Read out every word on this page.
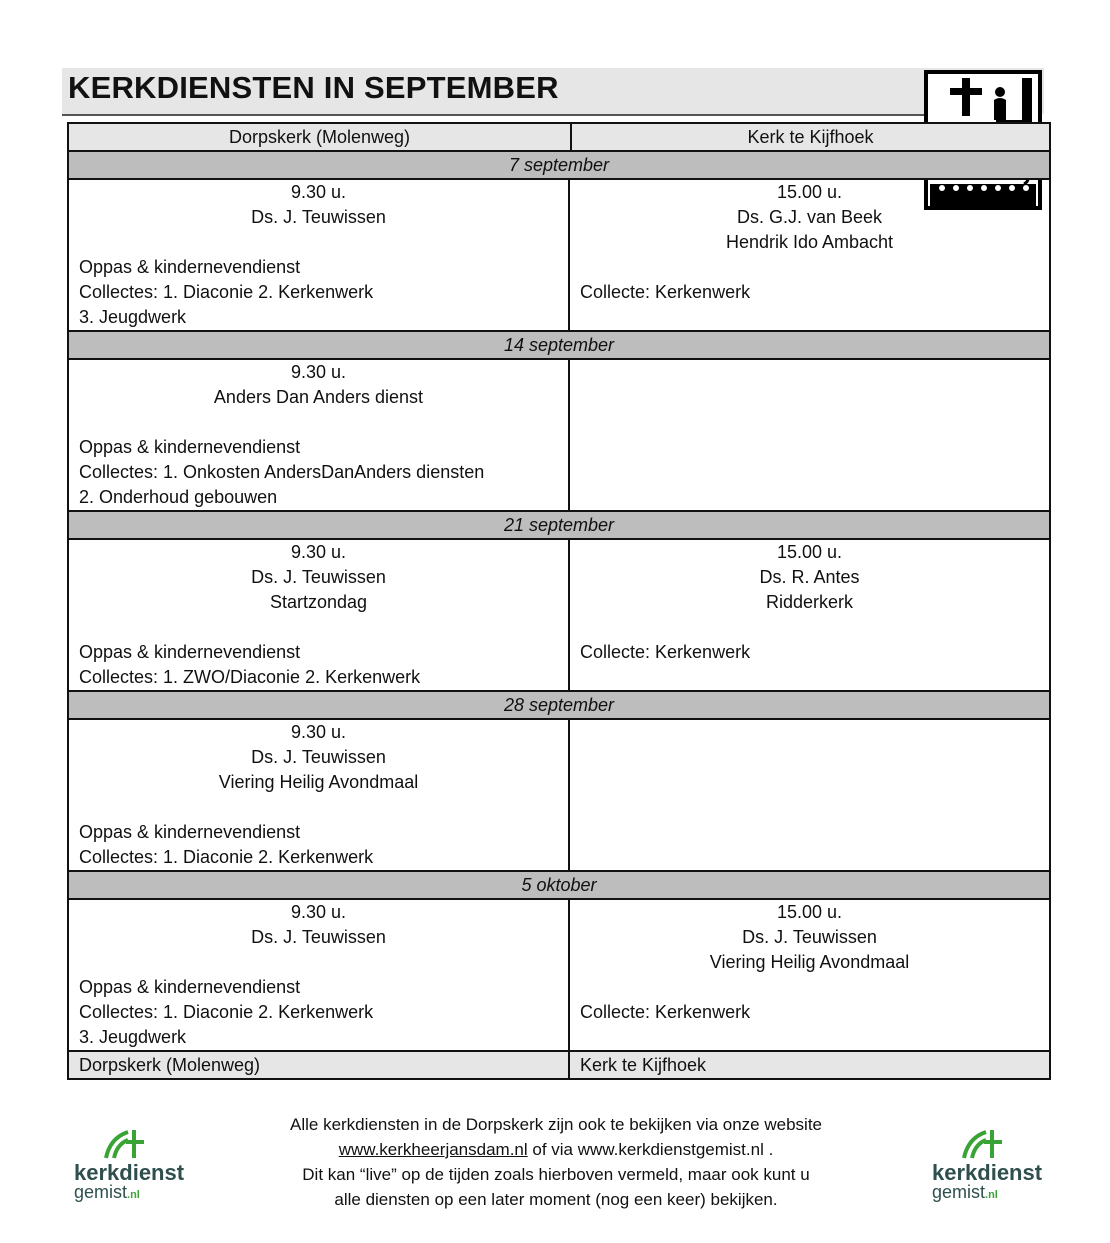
KERKDIENSTEN IN SEPTEMBER
Dorpskerk (Molenweg)	Kerk te Kijfhoek
7 september
9.30 u.
Ds. J. Teuwissen
Oppas & kindernevendienst
Collectes: 1. Diaconie 2. Kerkenwerk
3. Jeugdwerk
15.00 u.
Ds. G.J. van Beek
Hendrik Ido Ambacht
Collecte: Kerkenwerk
14 september
9.30 u.
Anders Dan Anders dienst
Oppas & kindernevendienst
Collectes: 1. Onkosten AndersDanAnders diensten
2. Onderhoud gebouwen
21 september
9.30 u.
Ds. J. Teuwissen
Startzondag
Oppas & kindernevendienst
Collectes: 1. ZWO/Diaconie 2. Kerkenwerk
15.00 u.
Ds. R. Antes
Ridderkerk
Collecte: Kerkenwerk
28 september
9.30 u.
Ds. J. Teuwissen
Viering Heilig Avondmaal
Oppas & kindernevendienst
Collectes: 1. Diaconie 2. Kerkenwerk
5 oktober
9.30 u.
Ds. J. Teuwissen
Oppas & kindernevendienst
Collectes: 1. Diaconie 2. Kerkenwerk
3. Jeugdwerk
15.00 u.
Ds. J. Teuwissen
Viering Heilig Avondmaal
Collecte: Kerkenwerk
Dorpskerk (Molenweg)	Kerk te Kijfhoek
kerkdienst
gemist.nl
Alle kerkdiensten in de Dorpskerk zijn ook te bekijken via onze website
www.kerkheerjansdam.nl of via www.kerkdienstgemist.nl .
Dit kan “live” op de tijden zoals hierboven vermeld, maar ook kunt u
alle diensten op een later moment (nog een keer) bekijken.
kerkdienst
gemist.nl
